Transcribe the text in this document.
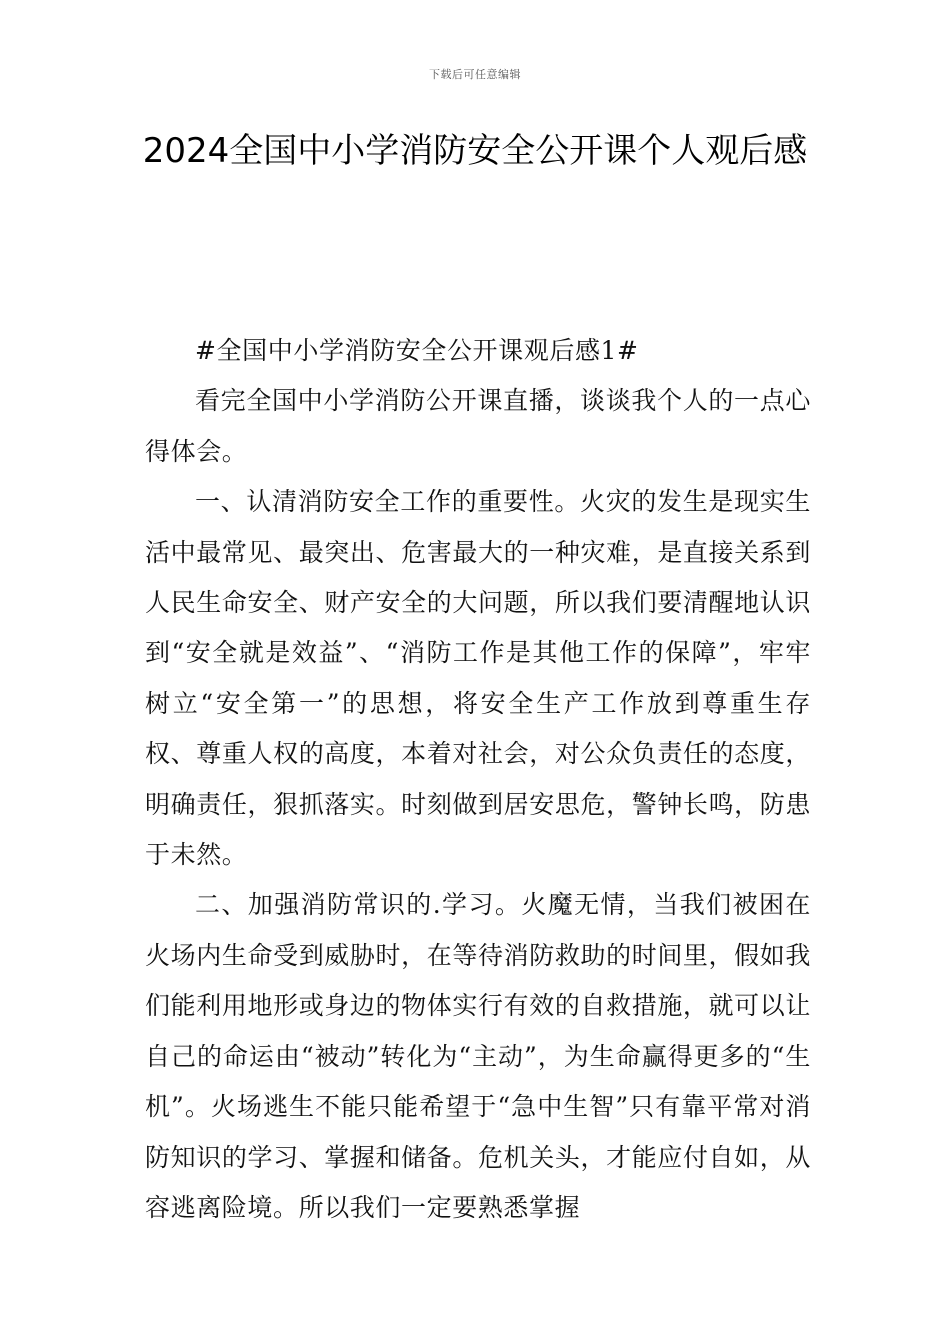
下载后可任意编辑
2024全国中小学消防安全公开课个人观后感

#全国中小学消防安全公开课观后感1#

看完全国中小学消防公开课直播，谈谈我个人的一点心得体会。

一、认清消防安全工作的重要性。火灾的发生是现实生活中最常见、最突出、危害最大的一种灾难，是直接关系到人民生命安全、财产安全的大问题，所以我们要清醒地认识到“安全就是效益”、“消防工作是其他工作的保障”，牢牢树立“安全第一”的思想，将安全生产工作放到尊重生存权、尊重人权的高度，本着对社会，对公众负责任的态度，明确责任，狠抓落实。时刻做到居安思危，警钟长鸣，防患于未然。

二、加强消防常识的.学习。火魔无情，当我们被困在火场内生命受到威胁时，在等待消防救助的时间里，假如我们能利用地形或身边的物体实行有效的自救措施，就可以让自己的命运由“被动”转化为“主动”，为生命赢得更多的“生机”。火场逃生不能只能希望于“急中生智”只有靠平常对消防知识的学习、掌握和储备。危机关头，才能应付自如，从容逃离险境。所以我们一定要熟悉掌握
